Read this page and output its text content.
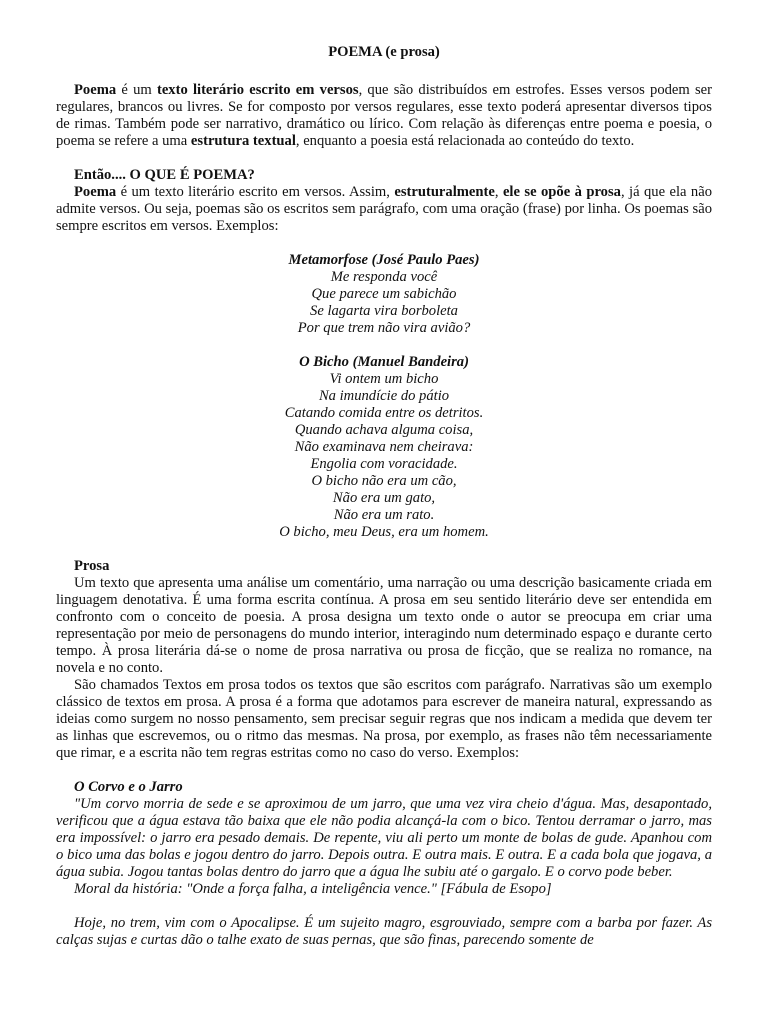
POEMA (e prosa)

Poema é um texto literário escrito em versos, que são distribuídos em estrofes. Esses versos podem ser regulares, brancos ou livres. Se for composto por versos regulares, esse texto poderá apresentar diversos tipos de rimas. Também pode ser narrativo, dramático ou lírico. Com relação às diferenças entre poema e poesia, o poema se refere a uma estrutura textual, enquanto a poesia está relacionada ao conteúdo do texto.

Então.... O QUE É POEMA?

Poema é um texto literário escrito em versos. Assim, estruturalmente, ele se opõe à prosa, já que ela não admite versos. Ou seja, poemas são os escritos sem parágrafo, com uma oração (frase) por linha. Os poemas são sempre escritos em versos. Exemplos:

Metamorfose (José Paulo Paes)
Me responda você
Que parece um sabichão
Se lagarta vira borboleta
Por que trem não vira avião?
O Bicho (Manuel Bandeira)
Vi ontem um bicho
Na imundície do pátio
Catando comida entre os detritos.
Quando achava alguma coisa,
Não examinava nem cheirava:
Engolia com voracidade.
O bicho não era um cão,
Não era um gato,
Não era um rato.
O bicho, meu Deus, era um homem.
Prosa

Um texto que apresenta uma análise um comentário, uma narração ou uma descrição basicamente criada em linguagem denotativa. É uma forma escrita contínua. A prosa em seu sentido literário deve ser entendida em confronto com o conceito de poesia. A prosa designa um texto onde o autor se preocupa em criar uma representação por meio de personagens do mundo interior, interagindo num determinado espaço e durante certo tempo. À prosa literária dá-se o nome de prosa narrativa ou prosa de ficção, que se realiza no romance, na novela e no conto.

São chamados Textos em prosa todos os textos que são escritos com parágrafo. Narrativas são um exemplo clássico de textos em prosa. A prosa é a forma que adotamos para escrever de maneira natural, expressando as ideias como surgem no nosso pensamento, sem precisar seguir regras que nos indicam a medida que devem ter as linhas que escrevemos, ou o ritmo das mesmas. Na prosa, por exemplo, as frases não têm necessariamente que rimar, e a escrita não tem regras estritas como no caso do verso. Exemplos:

O Corvo e o Jarro

"Um corvo morria de sede e se aproximou de um jarro, que uma vez vira cheio d'água. Mas, desapontado, verificou que a água estava tão baixa que ele não podia alcançá-la com o bico. Tentou derramar o jarro, mas era impossível: o jarro era pesado demais. De repente, viu ali perto um monte de bolas de gude. Apanhou com o bico uma das bolas e jogou dentro do jarro. Depois outra. E outra mais. E outra. E a cada bola que jogava, a água subia. Jogou tantas bolas dentro do jarro que a água lhe subiu até o gargalo. E o corvo pode beber.

Moral da história: "Onde a força falha, a inteligência vence." [Fábula de Esopo]

Hoje, no trem, vim com o Apocalipse. É um sujeito magro, esgrouviado, sempre com a barba por fazer. As calças sujas e curtas dão o talhe exato de suas pernas, que são finas, parecendo somente de
